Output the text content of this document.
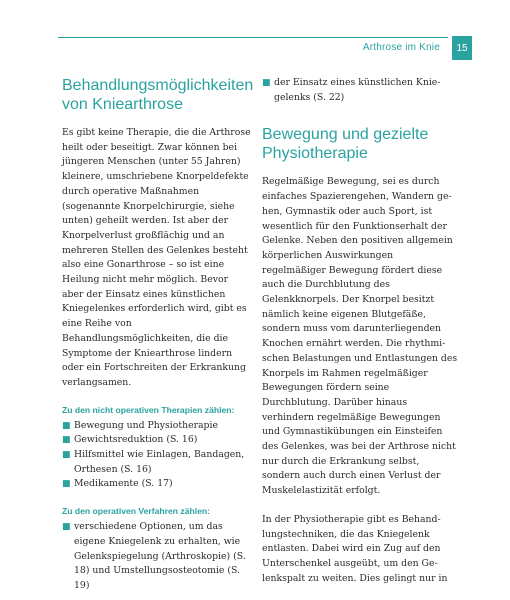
Arthrose im Knie	15
Behandlungsmöglichkeiten von Kniearthrose

Es gibt keine Therapie, die die Arthrose heilt oder beseitigt. Zwar können bei jüngeren Menschen (unter 55 Jahren) kleinere, umschriebene Knorpeldefekte durch operative Maßnahmen (sogenannte Knorpelchirurgie, siehe unten) geheilt werden. Ist aber der Knorpelverlust großflächig und an mehreren Stellen des Gelenkes besteht also eine Gonarthrose – so ist eine Heilung nicht mehr möglich. Bevor aber der Einsatz eines künstlichen Kniegelenkes erforderlich wird, gibt es eine Reihe von Behandlungsmöglichkeiten, die die Symptome der Kniearthrose lindern oder ein Fortschreiten der Erkrankung verlangsamen.

Zu den nicht operativen Therapien zählen:
■ Bewegung und Physiotherapie
■ Gewichtsreduktion (S. 16)
■ Hilfsmittel wie Einlagen, Bandagen, Orthesen (S. 16)
■ Medikamente (S. 17)
Zu den operativen Verfahren zählen:
■ verschiedene Optionen, um das eigene Kniegelenk zu erhalten, wie Gelenkspiegelung (Arthroskopie) (S. 18) und Umstellungsosteotomie (S. 19)
■ der Einsatz eines künstlichen Kniegelenks (S. 22)
Bewegung und gezielte Physiotherapie

Regelmäßige Bewegung, sei es durch einfaches Spazierengehen, Wandern gehen, Gymnastik oder auch Sport, ist wesentlich für den Funktionserhalt der Gelenke. Neben den positiven allgemein körperlichen Auswirkungen regelmäßiger Bewegung fördert diese auch die Durchblutung des Gelenkknorpels. Der Knorpel besitzt nämlich keine eigenen Blutgefäße, sondern muss vom darunterliegenden Knochen ernährt werden. Die rhythmischen Belastungen und Entlastungen des Knorpels im Rahmen regelmäßiger Bewegungen fördern seine Durchblutung. Darüber hinaus verhindern regelmäßige Bewegungen und Gymnastikübungen ein Einsteifen des Gelenkes, was bei der Arthrose nicht nur durch die Erkrankung selbst, sondern auch durch einen Verlust der Muskelelastizität erfolgt.

In der Physiotherapie gibt es Behandlungstechniken, die das Kniegelenk entlasten. Dabei wird ein Zug auf den Unterschenkel ausgeübt, um den Gelenkspalt zu weiten. Dies gelingt nur in
